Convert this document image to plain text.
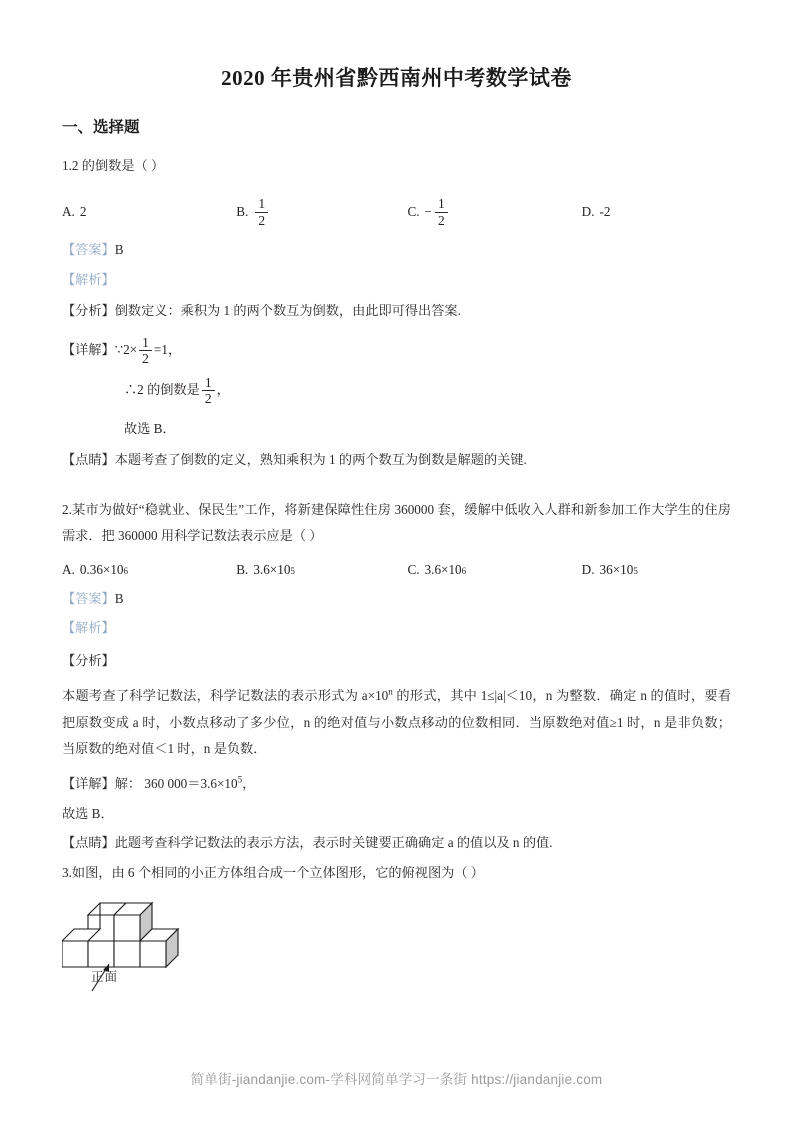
2020 年贵州省黔西南州中考数学试卷
一、选择题
1.2 的倒数是（ ）
A. 2	B. $\frac{1}{2}$	C. − $\frac{1}{2}$	D. -2
【答案】B
【解析】
【分析】倒数定义：乘积为 1 的两个数互为倒数，由此即可得出答案.
【详解】 ∵2× $\frac{1}{2} =1$，
∴2 的倒数是 $\frac{1}{2}$ ，
故选 B．
【点睛】本题考查了倒数的定义，熟知乘积为 1 的两个数互为倒数是解题的关键.
2.某市为做好“稳就业、保民生”工作，将新建保障性住房 360000 套，缓解中低收入人群和新参加工作大学生的住房需求．把 360000 用科学记数法表示应是（ ）
A. 0.36×10 6	B. 3.6×10 5	C. 3.6×10 6	D. 36×10 5
【答案】B
【解析】
【分析】
本题考查了科学记数法，科学记数法的表示形式为 $a\times 10^n$ 的形式，其中 1≤|a|＜10，n 为整数．确定 n 的值时，要看把原数变成 a 时，小数点移动了多少位，n 的绝对值与小数点移动的位数相同．当原数绝对值≥1 时，n 是非负数；当原数的绝对值＜1 时，n 是负数．
【详解】解： 360 $000=3.6\times 10^5$，
故选 B．
【点睛】此题考查科学记数法的表示方法，表示时关键要正确确定 a 的值以及 n 的值.
3.如图，由 6 个相同的小正方体组合成一个立体图形，它的俯视图为（ ）
正面
简单街-jiandanjie.com-学科网简单学习一条街 https://jiandanjie.com
